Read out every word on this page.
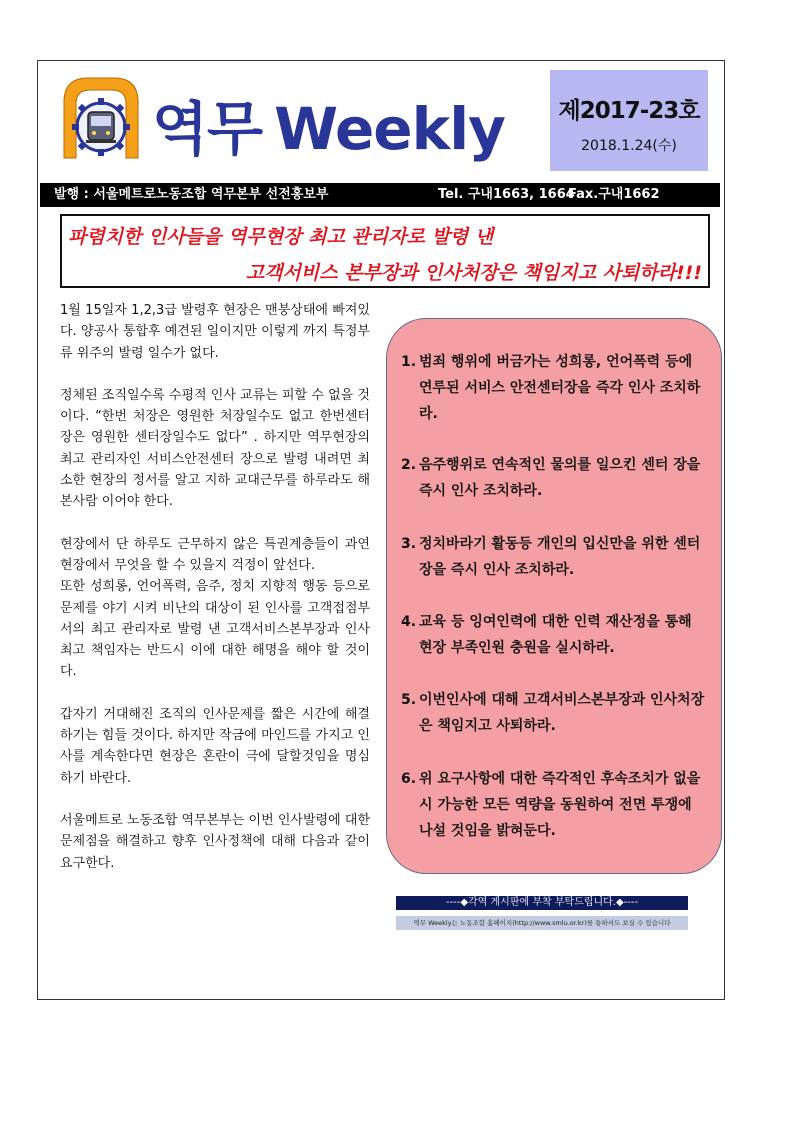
역무 Weekly	제2017-23호
2018.1.24(수)
발행 : 서울메트로노동조합 역무본부 선전홍보부	Tel. 구내1663, 1664
Fax.구내1662
파렴치한 인사들을 역무현장 최고 관리자로 발령 낸
고객서비스 본부장과 인사처장은 책임지고 사퇴하라!!!

1월 15일자 1,2,3급 발령후 현장은 맨붕상태에 빠져있다. 양공사 통합후 예견된 일이지만 이렇게 까지 특정부류 위주의 발령 일수가 없다.

정체된 조직일수록 수평적 인사 교류는 피할 수 없을 것이다. “한번 처장은 영원한 처장일수도 없고 한번센터장은 영원한 센터장일수도 없다” . 하지만 역무현장의 최고 관리자인 서비스안전센터 장으로 발령 내려면 최소한 현장의 정서를 알고 지하 교대근무를 하루라도 해본사람 이어야 한다.

현장에서 단 하루도 근무하지 않은 특권계층들이 과연 현장에서 무엇을 할 수 있을지 걱정이 앞선다.

또한 성희롱, 언어폭력, 음주, 정치 지향적 행동 등으로 문제를 야기 시켜 비난의 대상이 된 인사를 고객접점부서의 최고 관리자로 발령 낸 고객서비스본부장과 인사 최고 책임자는 반드시 이에 대한 해명을 해야 할 것이다.

갑자기 거대해진 조직의 인사문제를 짧은 시간에 해결하기는 힘들 것이다. 하지만 작금에 마인드를 가지고 인사를 계속한다면 현장은 혼란이 극에 달할것임을 명심하기 바란다.

서울메트로 노동조합 역무본부는 이번 인사발령에 대한 문제점을 해결하고 향후 인사정책에 대해 다음과 같이 요구한다.

1. 범죄 행위에 버금가는 성희롱, 언어폭력 등에 연루된 서비스 안전센터장을 즉각 인사 조치하라.
2. 음주행위로 연속적인 물의를 일으킨 센터 장을 즉시 인사 조치하라.
3. 정치바라기 활동등 개인의 입신만을 위한 센터 장을 즉시 인사 조치하라.
4. 교육 등 잉여인력에 대한 인력 재산정을 통해 현장 부족인원 충원을 실시하라.
5. 이번인사에 대해 고객서비스본부장과 인사처장은 책임지고 사퇴하라.
6. 위 요구사항에 대한 즉각적인 후속조치가 없을시 가능한 모든 역량을 동원하여 전면 투쟁에 나설 것임을 밝혀둔다.
----◆각역 게시판에 부착 부탁드립니다.◆----
역무 Weekly는 노동조합 홈페이지(http://www.smlu.or.kr)를 통하셔도 보실 수 있습니다
